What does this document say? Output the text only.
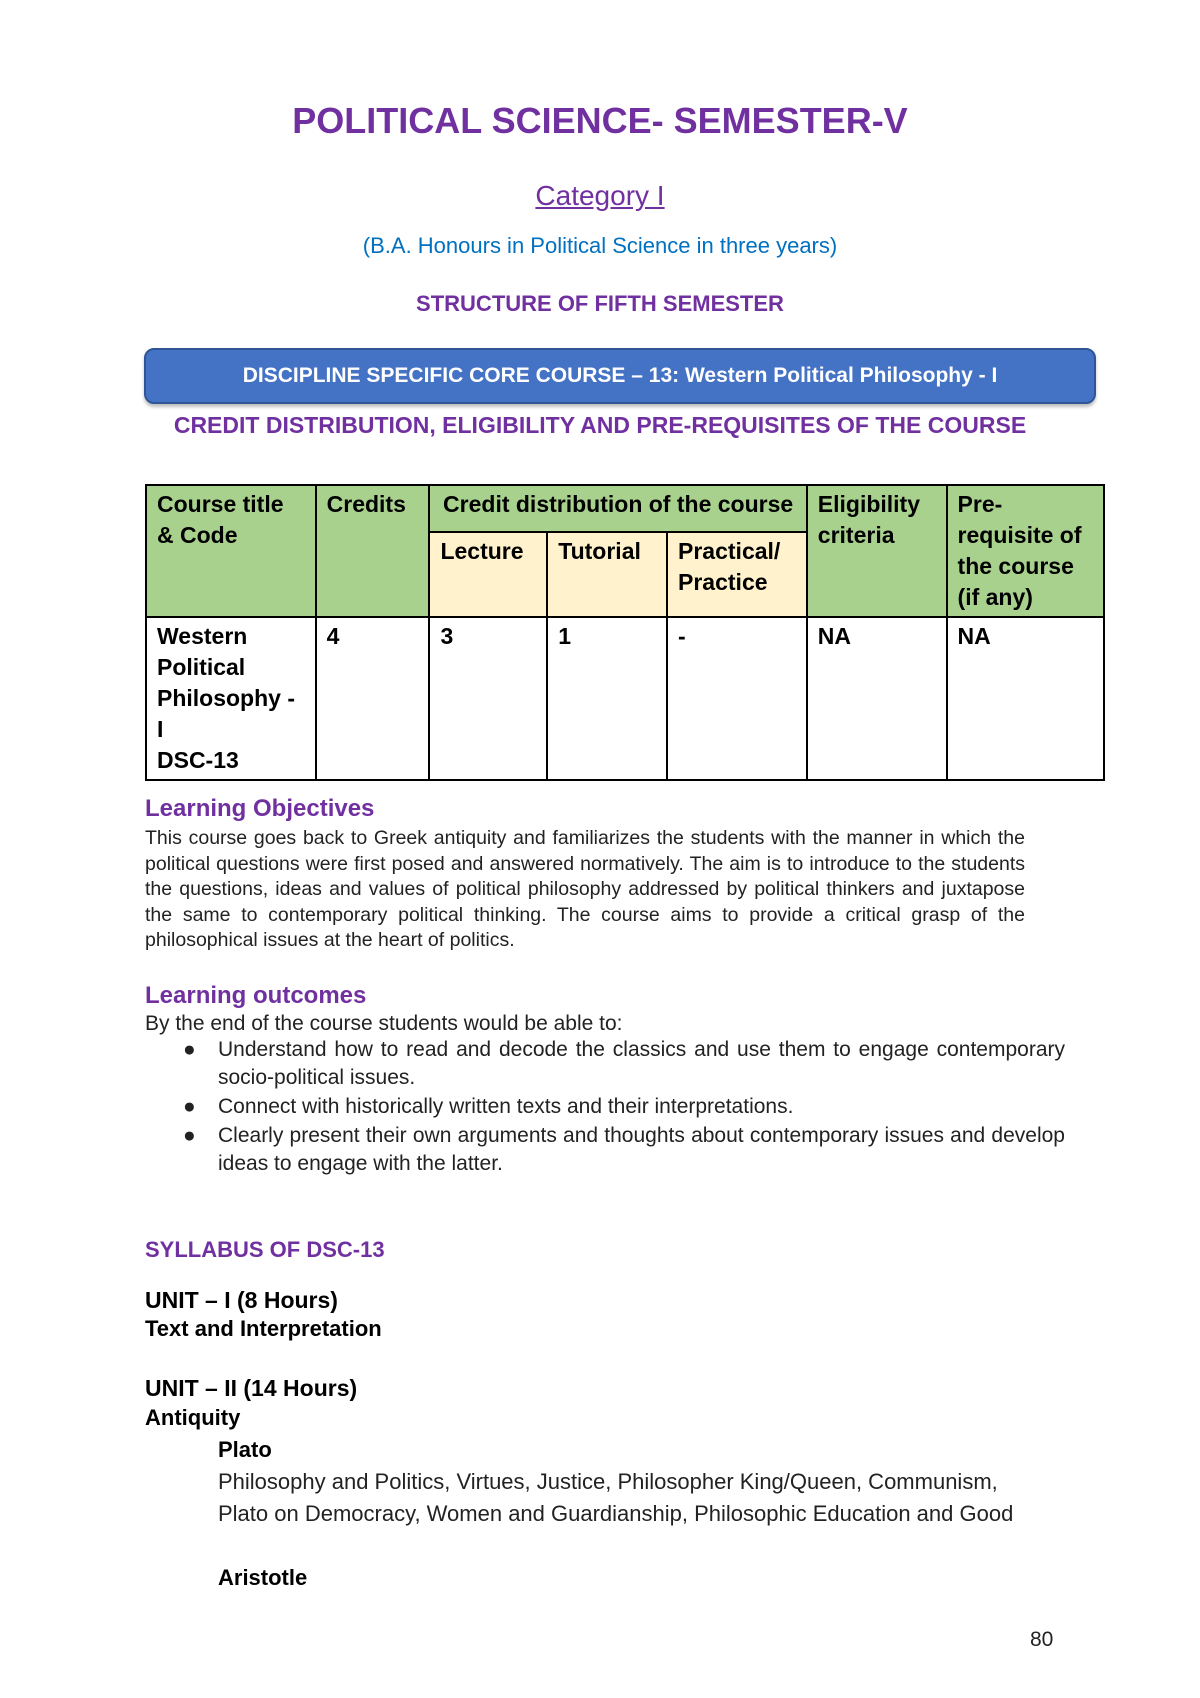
POLITICAL SCIENCE- SEMESTER-V
Category I
(B.A. Honours in Political Science in three years)
STRUCTURE OF FIFTH SEMESTER
DISCIPLINE SPECIFIC CORE COURSE – 13: Western Political Philosophy - I
CREDIT DISTRIBUTION, ELIGIBILITY AND PRE-REQUISITES OF THE COURSE
Course title & Code	Credits	Credit distribution of the course			Eligibility criteria	Pre-requisite of the course (if any)
		Lecture	Tutorial	Practical/ Practice		

Western Political Philosophy - I
DSC-13	4	3	1	-	NA	NA
Learning Objectives
This course goes back to Greek antiquity and familiarizes the students with the manner in which the political questions were first posed and answered normatively. The aim is to introduce to the students the questions, ideas and values of political philosophy addressed by political thinkers and juxtapose the same to contemporary political thinking. The course aims to provide a critical grasp of the philosophical issues at the heart of politics.
Learning outcomes
By the end of the course students would be able to:
● Understand how to read and decode the classics and use them to engage contemporary socio-political issues.
● Connect with historically written texts and their interpretations.
● Clearly present their own arguments and thoughts about contemporary issues and develop ideas to engage with the latter.
SYLLABUS OF DSC-13
UNIT – I (8 Hours)
Text and Interpretation
UNIT – II (14 Hours)
Antiquity
Plato
Philosophy and Politics, Virtues, Justice, Philosopher King/Queen, Communism, Plato on Democracy, Women and Guardianship, Philosophic Education and Good
Aristotle
80
